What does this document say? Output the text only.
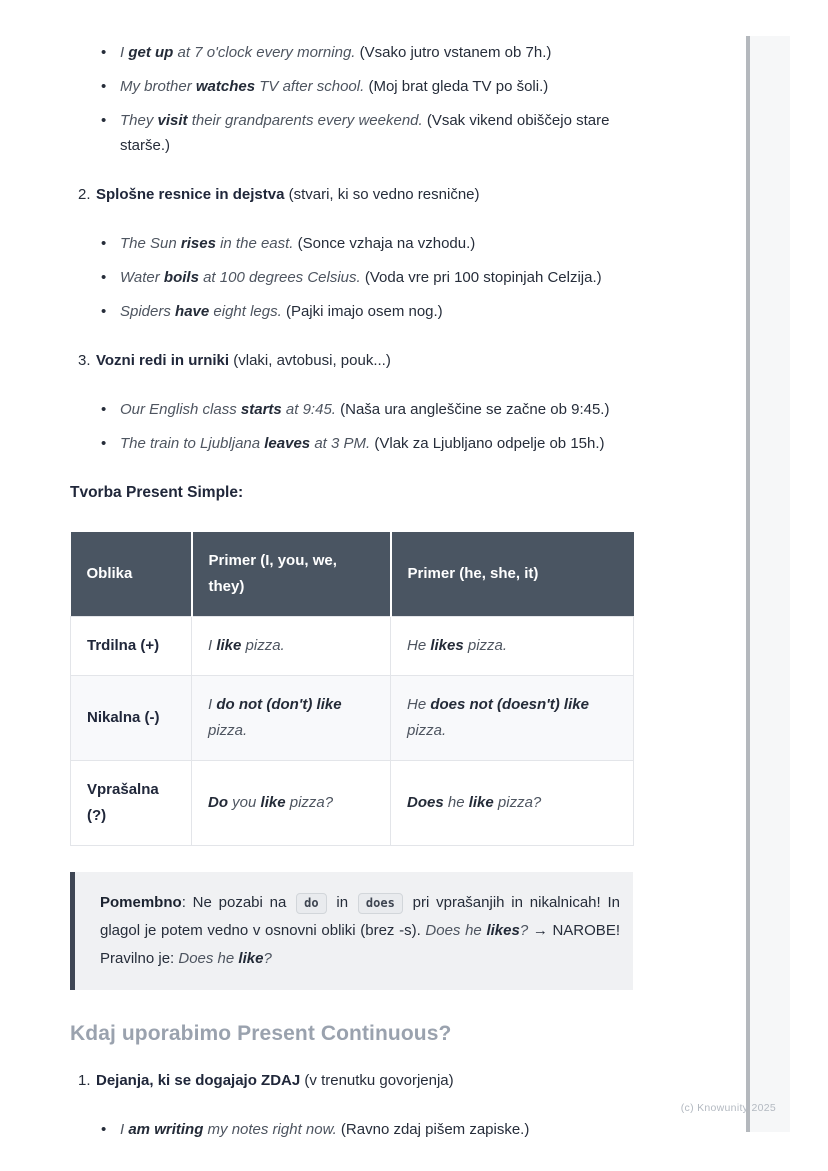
• I get up at 7 o'clock every morning. (Vsako jutro vstanem ob 7h.)
• My brother watches TV after school. (Moj brat gleda TV po šoli.)
• They visit their grandparents every weekend. (Vsak vikend obiščejo stare starše.)
2. Splošne resnice in dejstva (stvari, ki so vedno resnične)
• The Sun rises in the east. (Sonce vzhaja na vzhodu.)
• Water boils at 100 degrees Celsius. (Voda vre pri 100 stopinjah Celzija.)
• Spiders have eight legs. (Pajki imajo osem nog.)
3. Vozni redi in urniki (vlaki, avtobusi, pouk...)
• Our English class starts at 9:45. (Naša ura angleščine se začne ob 9:45.)
• The train to Ljubljana leaves at 3 PM. (Vlak za Ljubljano odpelje ob 15h.)
Tvorba Present Simple:
Oblika	Primer (I, you, we, they)	Primer (he, she, it)
Trdilna (+)	I like pizza.	He likes pizza.
Nikalna (-)	I do not (don't) like pizza.	He does not (doesn't) like pizza.
Vprašalna (?)	Do you like pizza?	Does he like pizza?

Pomembno: Ne pozabi na do in does pri vprašanjih in nikalnicah! In glagol je potem vedno v osnovni obliki (brez -s). Does he likes? → NAROBE! Pravilno je: Does he like?

Kdaj uporabimo Present Continuous?
1. Dejanja, ki se dogajajo ZDAJ (v trenutku govorjenja)
• I am writing my notes right now. (Ravno zdaj pišem zapiske.)
(c) Knowunity 2025
